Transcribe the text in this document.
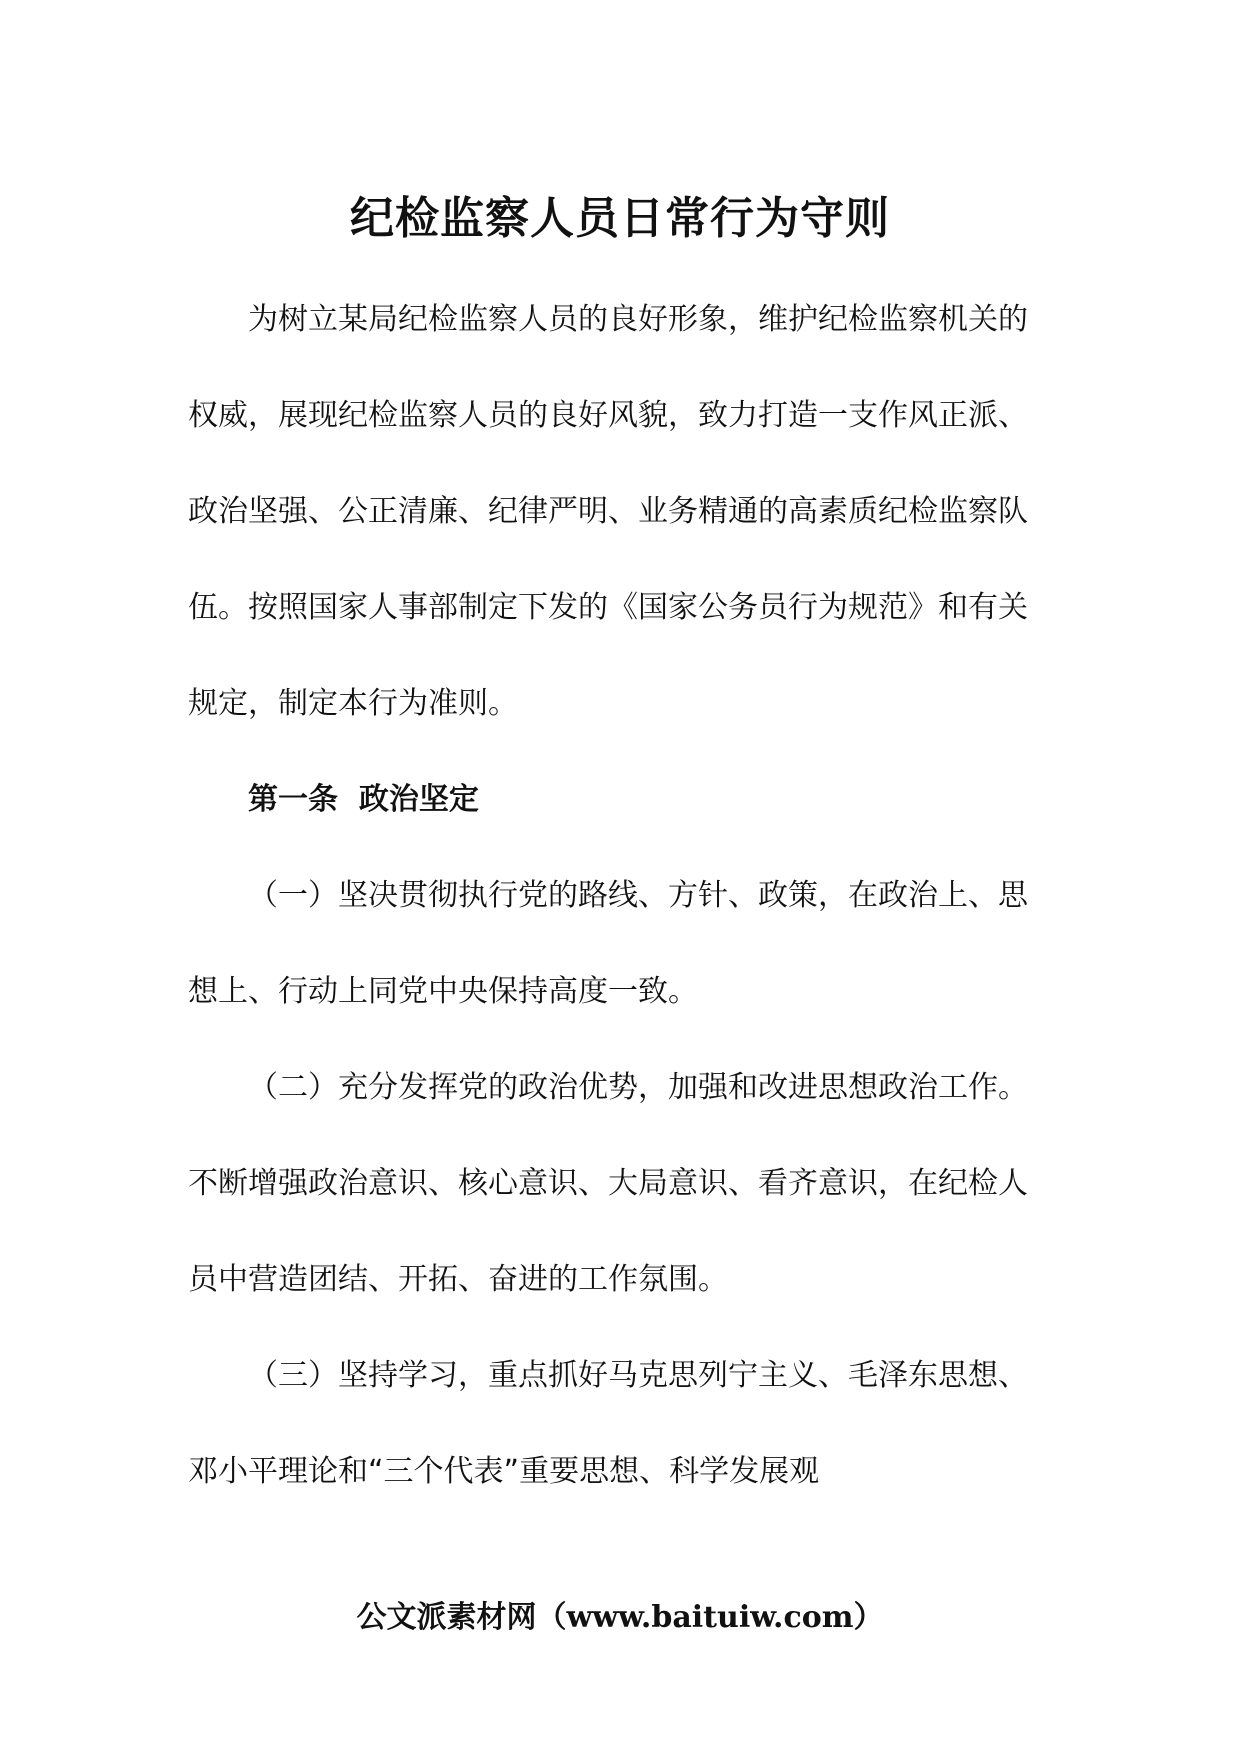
纪检监察人员日常行为守则

为树立某局纪检监察人员的良好形象，维护纪检监察机关的权威，展现纪检监察人员的良好风貌，致力打造一支作风正派、政治坚强、公正清廉、纪律严明、业务精通的高素质纪检监察队伍。按照国家人事部制定下发的《国家公务员行为规范》和有关规定，制定本行为准则。

第一条  政治坚定

（一）坚决贯彻执行党的路线、方针、政策，在政治上、思想上、行动上同党中央保持高度一致。

（二）充分发挥党的政治优势，加强和改进思想政治工作。不断增强政治意识、核心意识、大局意识、看齐意识，在纪检人员中营造团结、开拓、奋进的工作氛围。

（三）坚持学习，重点抓好马克思列宁主义、毛泽东思想、邓小平理论和“三个代表”重要思想、科学发展观

公文派素材网（www.baituiw.com）
